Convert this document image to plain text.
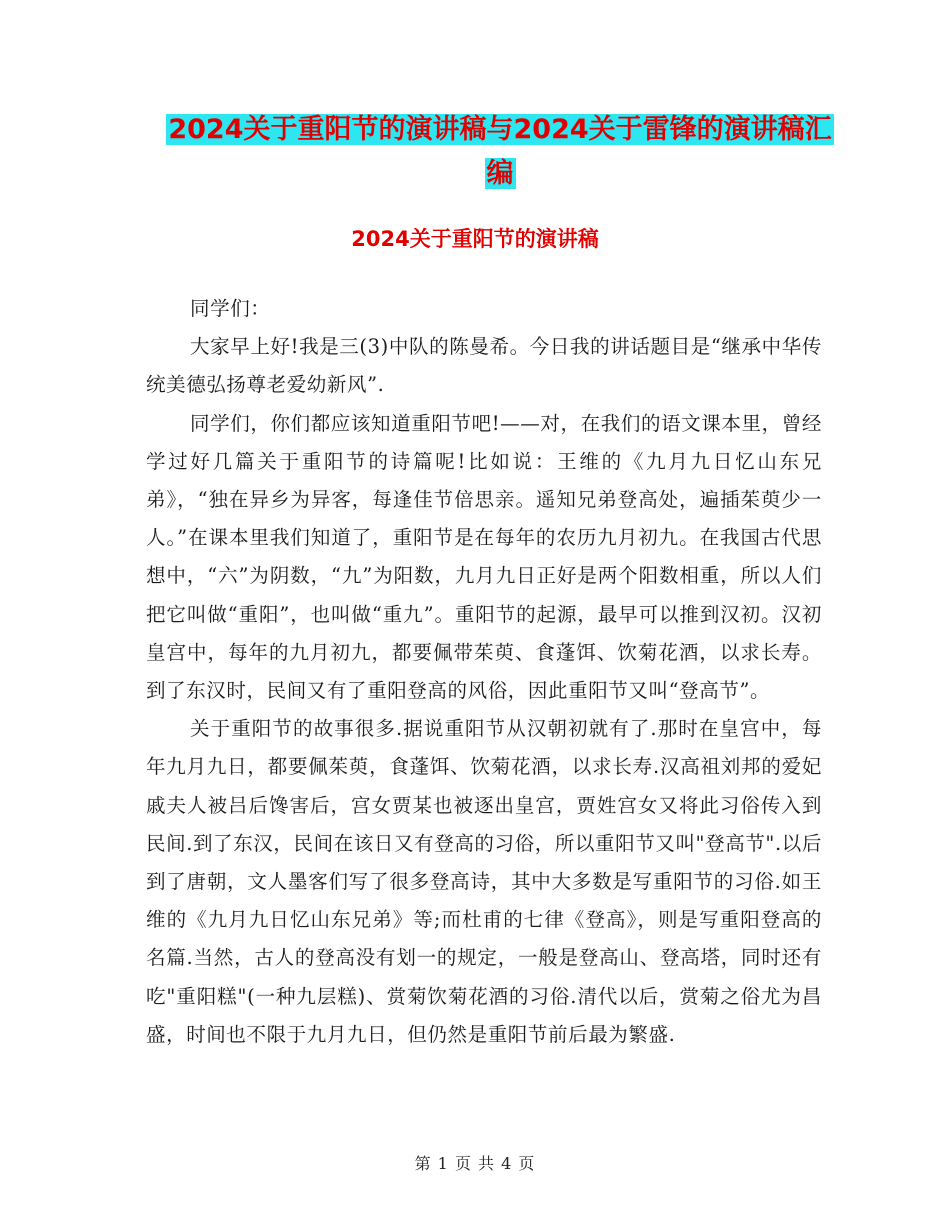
2024关于重阳节的演讲稿与2024关于雷锋的演讲稿汇
编
2024关于重阳节的演讲稿

同学们：

大家早上好!我是三(3)中队的陈曼希。今日我的讲话题目是“继承中华传统美德弘扬尊老爱幼新风”.

同学们，你们都应该知道重阳节吧!——对，在我们的语文课本里，曾经学过好几篇关于重阳节的诗篇呢!比如说：王维的《九月九日忆山东兄弟》，“独在异乡为异客，每逢佳节倍思亲。遥知兄弟登高处，遍插茱萸少一人。”在课本里我们知道了，重阳节是在每年的农历九月初九。在我国古代思想中，“六”为阴数，“九”为阳数，九月九日正好是两个阳数相重，所以人们把它叫做“重阳”，也叫做“重九”。重阳节的起源，最早可以推到汉初。汉初皇宫中，每年的九月初九，都要佩带茱萸、食蓬饵、饮菊花酒，以求长寿。到了东汉时，民间又有了重阳登高的风俗，因此重阳节又叫“登高节”。

关于重阳节的故事很多.据说重阳节从汉朝初就有了.那时在皇宫中，每年九月九日，都要佩茱萸，食蓬饵、饮菊花酒，以求长寿.汉高祖刘邦的爱妃戚夫人被吕后馋害后，宫女贾某也被逐出皇宫，贾姓宫女又将此习俗传入到民间.到了东汉，民间在该日又有登高的习俗，所以重阳节又叫"登高节".以后到了唐朝，文人墨客们写了很多登高诗，其中大多数是写重阳节的习俗.如王维的《九月九日忆山东兄弟》等;而杜甫的七律《登高》，则是写重阳登高的名篇.当然，古人的登高没有划一的规定，一般是登高山、登高塔，同时还有吃"重阳糕"(一种九层糕)、赏菊饮菊花酒的习俗.清代以后，赏菊之俗尤为昌盛，时间也不限于九月九日，但仍然是重阳节前后最为繁盛.

第 1 页 共 4 页
